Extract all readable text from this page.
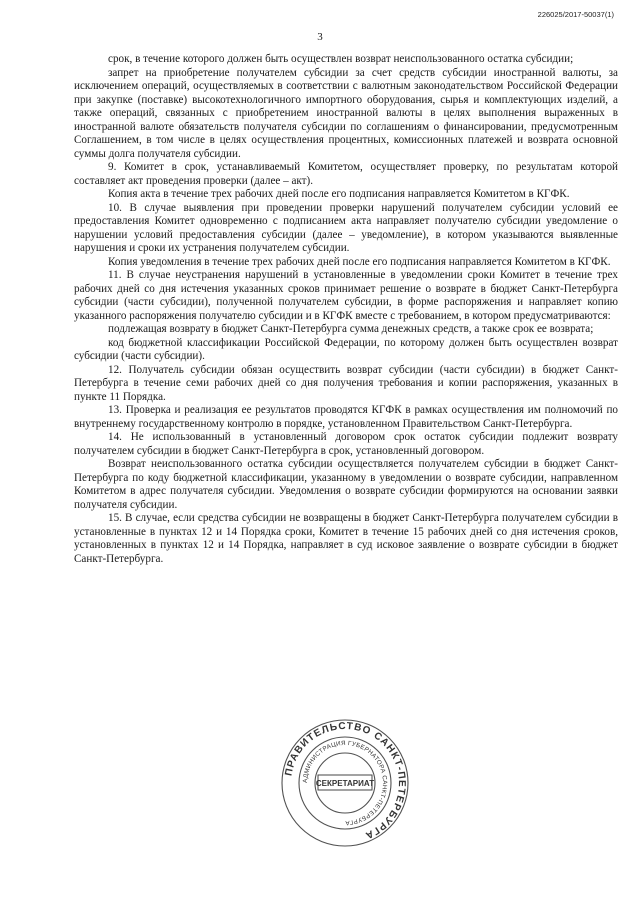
226025/2017-50037(1)
3

срок, в течение которого должен быть осуществлен возврат неиспользованного остатка субсидии;

запрет на приобретение получателем субсидии за счет средств субсидии иностранной валюты, за исключением операций, осуществляемых в соответствии с валютным законодательством Российской Федерации при закупке (поставке) высокотехнологичного импортного оборудования, сырья и комплектующих изделий, а также операций, связанных с приобретением иностранной валюты в целях выполнения выраженных в иностранной валюте обязательств получателя субсидии по соглашениям о финансировании, предусмотренным Соглашением, в том числе в целях осуществления процентных, комиссионных платежей и возврата основной суммы долга получателя субсидии.

9. Комитет в срок, устанавливаемый Комитетом, осуществляет проверку, по результатам которой составляет акт проведения проверки (далее – акт).

Копия акта в течение трех рабочих дней после его подписания направляется Комитетом в КГФК.

10. В случае выявления при проведении проверки нарушений получателем субсидии условий ее предоставления Комитет одновременно с подписанием акта направляет получателю субсидии уведомление о нарушении условий предоставления субсидии (далее – уведомление), в котором указываются выявленные нарушения и сроки их устранения получателем субсидии.

Копия уведомления в течение трех рабочих дней после его подписания направляется Комитетом в КГФК.

11. В случае неустранения нарушений в установленные в уведомлении сроки Комитет в течение трех рабочих дней со дня истечения указанных сроков принимает решение о возврате в бюджет Санкт-Петербурга субсидии (части субсидии), полученной получателем субсидии, в форме распоряжения и направляет копию указанного распоряжения получателю субсидии и в КГФК вместе с требованием, в котором предусматриваются:

подлежащая возврату в бюджет Санкт-Петербурга сумма денежных средств, а также срок ее возврата;

код бюджетной классификации Российской Федерации, по которому должен быть осуществлен возврат субсидии (части субсидии).

12. Получатель субсидии обязан осуществить возврат субсидии (части субсидии) в бюджет Санкт-Петербурга в течение семи рабочих дней со дня получения требования и копии распоряжения, указанных в пункте 11 Порядка.

13. Проверка и реализация ее результатов проводятся КГФК в рамках осуществления им полномочий по внутреннему государственному контролю в порядке, установленном Правительством Санкт-Петербурга.

14. Не использованный в установленный договором срок остаток субсидии подлежит возврату получателем субсидии в бюджет Санкт-Петербурга в срок, установленный договором.

Возврат неиспользованного остатка субсидии осуществляется получателем субсидии в бюджет Санкт-Петербурга по коду бюджетной классификации, указанному в уведомлении о возврате субсидии, направленном Комитетом в адрес получателя субсидии. Уведомления о возврате субсидии формируются на основании заявки получателя субсидии.

15. В случае, если средства субсидии не возвращены в бюджет Санкт-Петербурга получателем субсидии в установленные в пунктах 12 и 14 Порядка сроки, Комитет в течение 15 рабочих дней со дня истечения сроков, установленных в пунктах 12 и 14 Порядка, направляет в суд исковое заявление о возврате субсидии в бюджет Санкт-Петербурга.

ПРАВИТЕЛЬСТВО САНКТ-ПЕТЕРБУРГА
АДМИНИСТРАЦИЯ ГУБЕРНАТОРА САНКТ-ПЕТЕРБУРГА
СЕКРЕТАРИАТ
